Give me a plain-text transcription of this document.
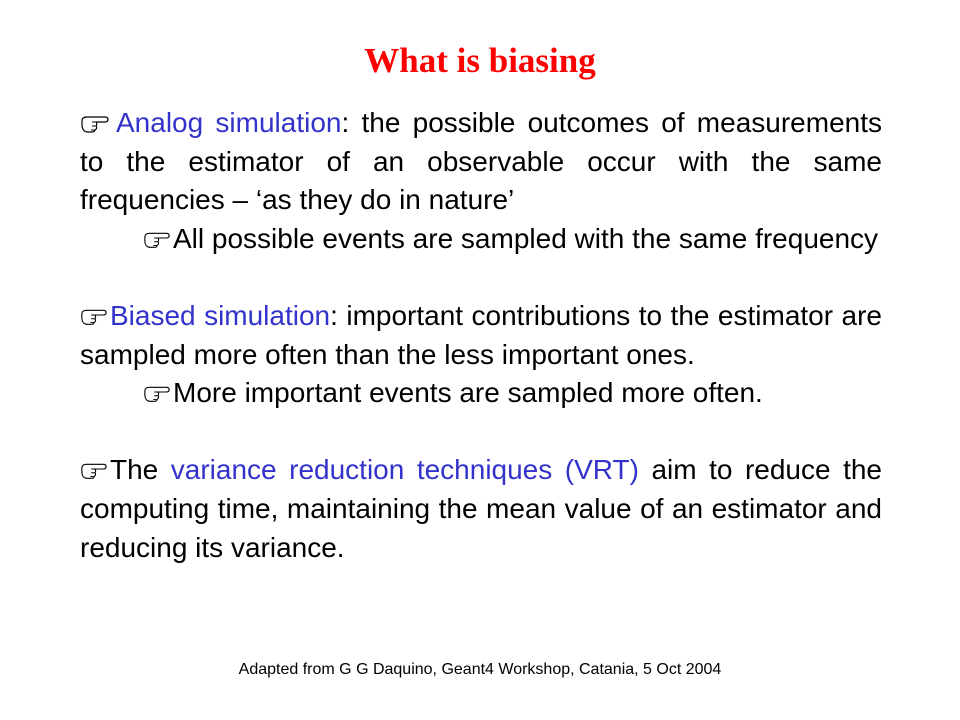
What is biasing

Analog simulation: the possible outcomes of measurements to the estimator of an observable occur with the same frequencies – ‘as they do in nature’

All possible events are sampled with the same frequency

Biased simulation: important contributions to the estimator are sampled more often than the less important ones.

More important events are sampled more often.

The variance reduction techniques (VRT) aim to reduce the computing time, maintaining the mean value of an estimator and reducing its variance.

Adapted from G G Daquino, Geant4 Workshop, Catania, 5 Oct 2004
